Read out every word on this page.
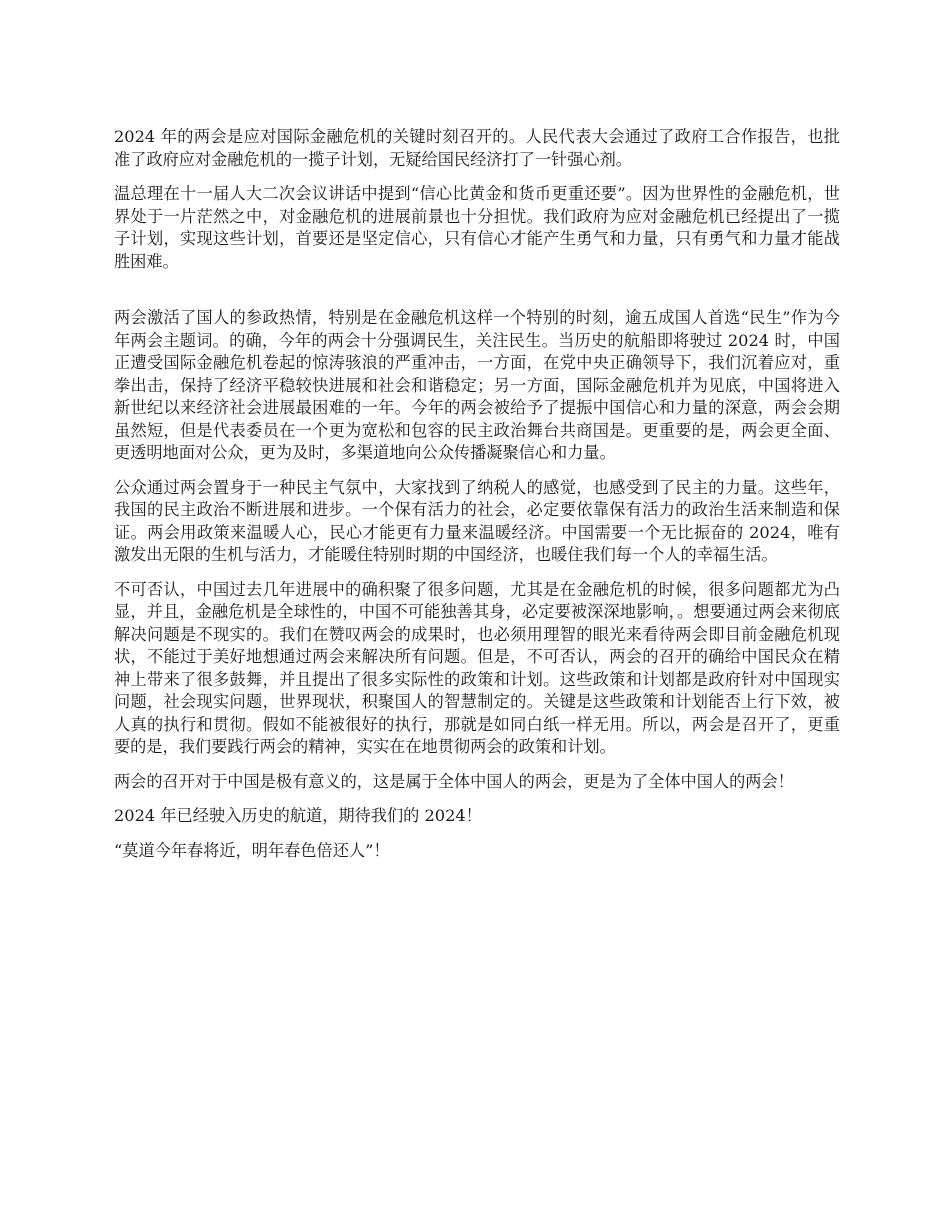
2024 年的两会是应对国际金融危机的关键时刻召开的。人民代表大会通过了政府工合作报告，也批准了政府应对金融危机的一揽子计划，无疑给国民经济打了一针强心剂。

温总理在十一届人大二次会议讲话中提到“信心比黄金和货币更重还要”。因为世界性的金融危机，世界处于一片茫然之中，对金融危机的进展前景也十分担忧。我们政府为应对金融危机已经提出了一揽子计划，实现这些计划，首要还是坚定信心，只有信心才能产生勇气和力量，只有勇气和力量才能战胜困难。

两会激活了国人的参政热情，特别是在金融危机这样一个特别的时刻，逾五成国人首选“民生”作为今年两会主题词。的确，今年的两会十分强调民生，关注民生。当历史的航船即将驶过 2024 时，中国正遭受国际金融危机卷起的惊涛骇浪的严重冲击，一方面，在党中央正确领导下，我们沉着应对，重拳出击，保持了经济平稳较快进展和社会和谐稳定；另一方面，国际金融危机并为见底，中国将进入新世纪以来经济社会进展最困难的一年。今年的两会被给予了提振中国信心和力量的深意，两会会期虽然短，但是代表委员在一个更为宽松和包容的民主政治舞台共商国是。更重要的是，两会更全面、更透明地面对公众，更为及时，多渠道地向公众传播凝聚信心和力量。

公众通过两会置身于一种民主气氛中，大家找到了纳税人的感觉，也感受到了民主的力量。这些年，我国的民主政治不断进展和进步。一个保有活力的社会，必定要依靠保有活力的政治生活来制造和保证。两会用政策来温暖人心，民心才能更有力量来温暖经济。中国需要一个无比振奋的 2024，唯有激发出无限的生机与活力，才能暖住特别时期的中国经济，也暖住我们每一个人的幸福生活。

不可否认，中国过去几年进展中的确积聚了很多问题，尤其是在金融危机的时候，很多问题都尤为凸显，并且，金融危机是全球性的，中国不可能独善其身，必定要被深深地影响，。想要通过两会来彻底解决问题是不现实的。我们在赞叹两会的成果时，也必须用理智的眼光来看待两会即目前金融危机现状，不能过于美好地想通过两会来解决所有问题。但是，不可否认，两会的召开的确给中国民众在精神上带来了很多鼓舞，并且提出了很多实际性的政策和计划。这些政策和计划都是政府针对中国现实问题，社会现实问题，世界现状，积聚国人的智慧制定的。关键是这些政策和计划能否上行下效，被人真的执行和贯彻。假如不能被很好的执行，那就是如同白纸一样无用。所以，两会是召开了，更重要的是，我们要践行两会的精神，实实在在地贯彻两会的政策和计划。

两会的召开对于中国是极有意义的，这是属于全体中国人的两会，更是为了全体中国人的两会！

2024 年已经驶入历史的航道，期待我们的 2024！

“莫道今年春将近，明年春色倍还人”！
